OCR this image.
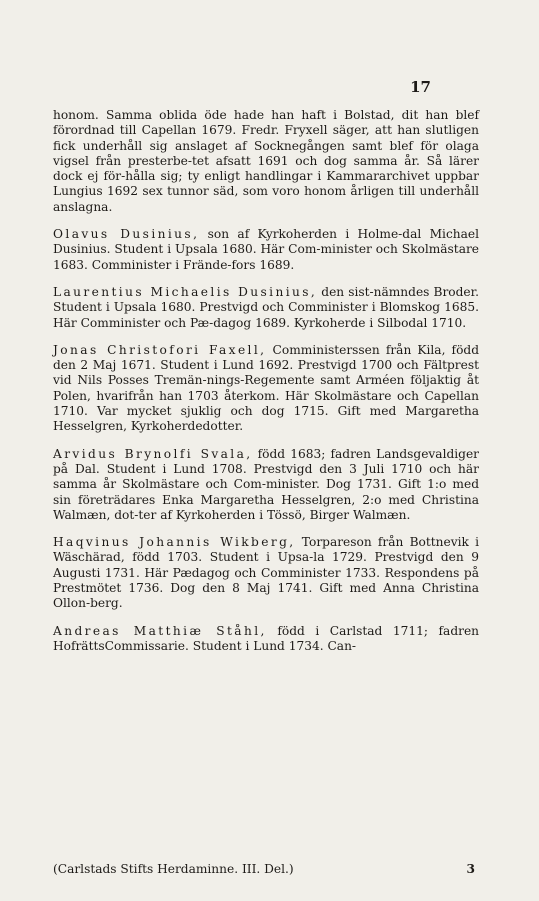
17

honom. Samma oblida öde hade han haft i Bolstad, dit han blef förordnad till Capellan 1679. Fredr. Fryxell säger, att han slutligen fick underhåll sig anslaget af Socknegången samt blef för olaga vigsel från presterbe-tet afsatt 1691 och dog samma år. Så lärer dock ej för-hålla sig; ty enligt handlingar i Kammararchivet uppbar Lungius 1692 sex tunnor säd, som voro honom årligen till underhåll anslagna.

Olavus Dusinius, son af Kyrkoherden i Holme-dal Michael Dusinius. Student i Upsala 1680. Här Com-minister och Skolmästare 1683. Comminister i Frände-fors 1689.

Laurentius Michaelis Dusinius, den sist-nämndes Broder. Student i Upsala 1680. Prestvigd och Comminister i Blomskog 1685. Här Comminister och Pæ-dagog 1689. Kyrkoherde i Silbodal 1710.

Jonas Christofori Faxell, Comministerssen från Kila, född den 2 Maj 1671. Student i Lund 1692. Prestvigd 1700 och Fältprest vid Nils Posses Tremän-nings-Regemente samt Arméen följaktig åt Polen, hvarifrån han 1703 återkom. Här Skolmästare och Capellan 1710. Var mycket sjuklig och dog 1715. Gift med Margaretha Hesselgren, Kyrkoherdedotter.

Arvidus Brynolfi Svala, född 1683; fadren Landsgevaldiger på Dal. Student i Lund 1708. Prestvigd den 3 Juli 1710 och här samma år Skolmästare och Com-minister. Dog 1731. Gift 1:o med sin företrädares Enka Margaretha Hesselgren, 2:o med Christina Walmæn, dot-ter af Kyrkoherden i Tössö, Birger Walmæn.

Haqvinus Johannis Wikberg, Torpareson från Bottnevik i Wäschärad, född 1703. Student i Upsa-la 1729. Prestvigd den 9 Augusti 1731. Här Pædagog och Comminister 1733. Respondens på Prestmötet 1736. Dog den 8 Maj 1741. Gift med Anna Christina Ollon-berg.

Andreas Matthiæ Ståhl, född i Carlstad 1711; fadren HofrättsCommissarie. Student i Lund 1734. Can-

(Carlstads Stifts Herdaminne. III. Del.)	3
